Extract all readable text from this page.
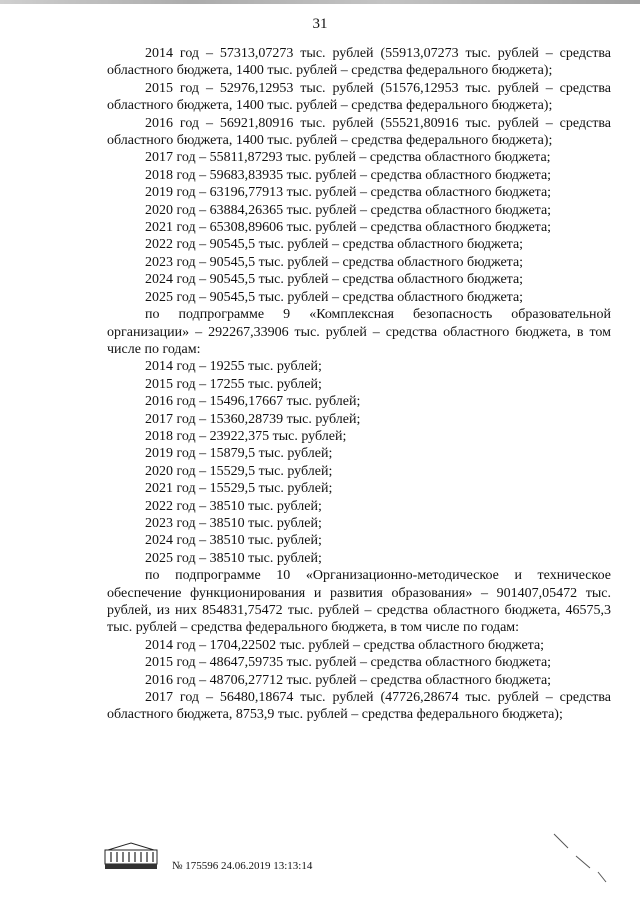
31

2014 год – 57313,07273 тыс. рублей (55913,07273 тыс. рублей – средства областного бюджета, 1400 тыс. рублей – средства федерального бюджета);

2015 год – 52976,12953 тыс. рублей (51576,12953 тыс. рублей – средства областного бюджета, 1400 тыс. рублей – средства федерального бюджета);

2016 год – 56921,80916 тыс. рублей (55521,80916 тыс. рублей – средства областного бюджета, 1400 тыс. рублей – средства федерального бюджета);

2017 год – 55811,87293 тыс. рублей – средства областного бюджета;

2018 год – 59683,83935 тыс. рублей – средства областного бюджета;

2019 год – 63196,77913 тыс. рублей – средства областного бюджета;

2020 год – 63884,26365 тыс. рублей – средства областного бюджета;

2021 год – 65308,89606 тыс. рублей – средства областного бюджета;

2022 год – 90545,5 тыс. рублей – средства областного бюджета;

2023 год – 90545,5 тыс. рублей – средства областного бюджета;

2024 год – 90545,5 тыс. рублей – средства областного бюджета;

2025 год – 90545,5 тыс. рублей – средства областного бюджета;

по подпрограмме 9 «Комплексная безопасность образовательной организации» – 292267,33906 тыс. рублей – средства областного бюджета, в том числе по годам:

2014 год – 19255 тыс. рублей;

2015 год – 17255 тыс. рублей;

2016 год – 15496,17667 тыс. рублей;

2017 год – 15360,28739 тыс. рублей;

2018 год – 23922,375 тыс. рублей;

2019 год – 15879,5 тыс. рублей;

2020 год – 15529,5 тыс. рублей;

2021 год – 15529,5 тыс. рублей;

2022 год – 38510 тыс. рублей;

2023 год – 38510 тыс. рублей;

2024 год – 38510 тыс. рублей;

2025 год – 38510 тыс. рублей;

по подпрограмме 10 «Организационно-методическое и техническое обеспечение функционирования и развития образования» – 901407,05472 тыс. рублей, из них 854831,75472 тыс. рублей – средства областного бюджета, 46575,3 тыс. рублей – средства федерального бюджета, в том числе по годам:

2014 год – 1704,22502 тыс. рублей – средства областного бюджета;

2015 год – 48647,59735 тыс. рублей – средства областного бюджета;

2016 год – 48706,27712 тыс. рублей – средства областного бюджета;

2017 год – 56480,18674 тыс. рублей (47726,28674 тыс. рублей – средства областного бюджета, 8753,9 тыс. рублей – средства федерального бюджета);

№ 175596 24.06.2019 13:13:14
